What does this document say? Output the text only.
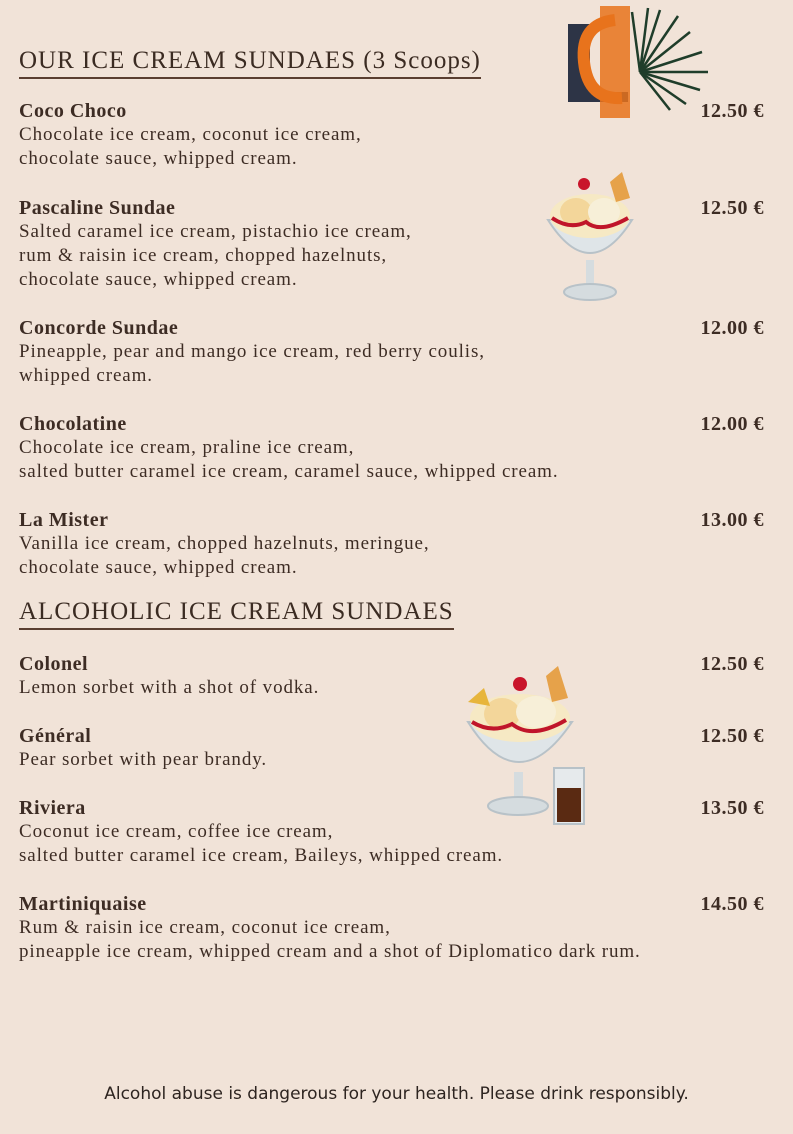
OUR ICE CREAM SUNDAES (3 Scoops)
Coco Choco	12.50 €
Chocolate ice cream, coconut ice cream,
chocolate sauce, whipped cream.
Pascaline Sundae	12.50 €
Salted caramel ice cream, pistachio ice cream,
rum & raisin ice cream, chopped hazelnuts,
chocolate sauce, whipped cream.
Concorde Sundae	12.00 €
Pineapple, pear and mango ice cream, red berry coulis,
whipped cream.
Chocolatine	12.00 €
Chocolate ice cream, praline ice cream,
salted butter caramel ice cream, caramel sauce, whipped cream.
La Mister	13.00 €
Vanilla ice cream, chopped hazelnuts, meringue,
chocolate sauce, whipped cream.
ALCOHOLIC ICE CREAM SUNDAES
Colonel	12.50 €
Lemon sorbet with a shot of vodka.
Général	12.50 €
Pear sorbet with pear brandy.
Riviera	13.50 €
Coconut ice cream, coffee ice cream,
salted butter caramel ice cream, Baileys, whipped cream.
Martiniquaise	14.50 €
Rum & raisin ice cream, coconut ice cream,
pineapple ice cream, whipped cream and a shot of Diplomatico dark rum.
Alcohol abuse is dangerous for your health. Please drink responsibly.
